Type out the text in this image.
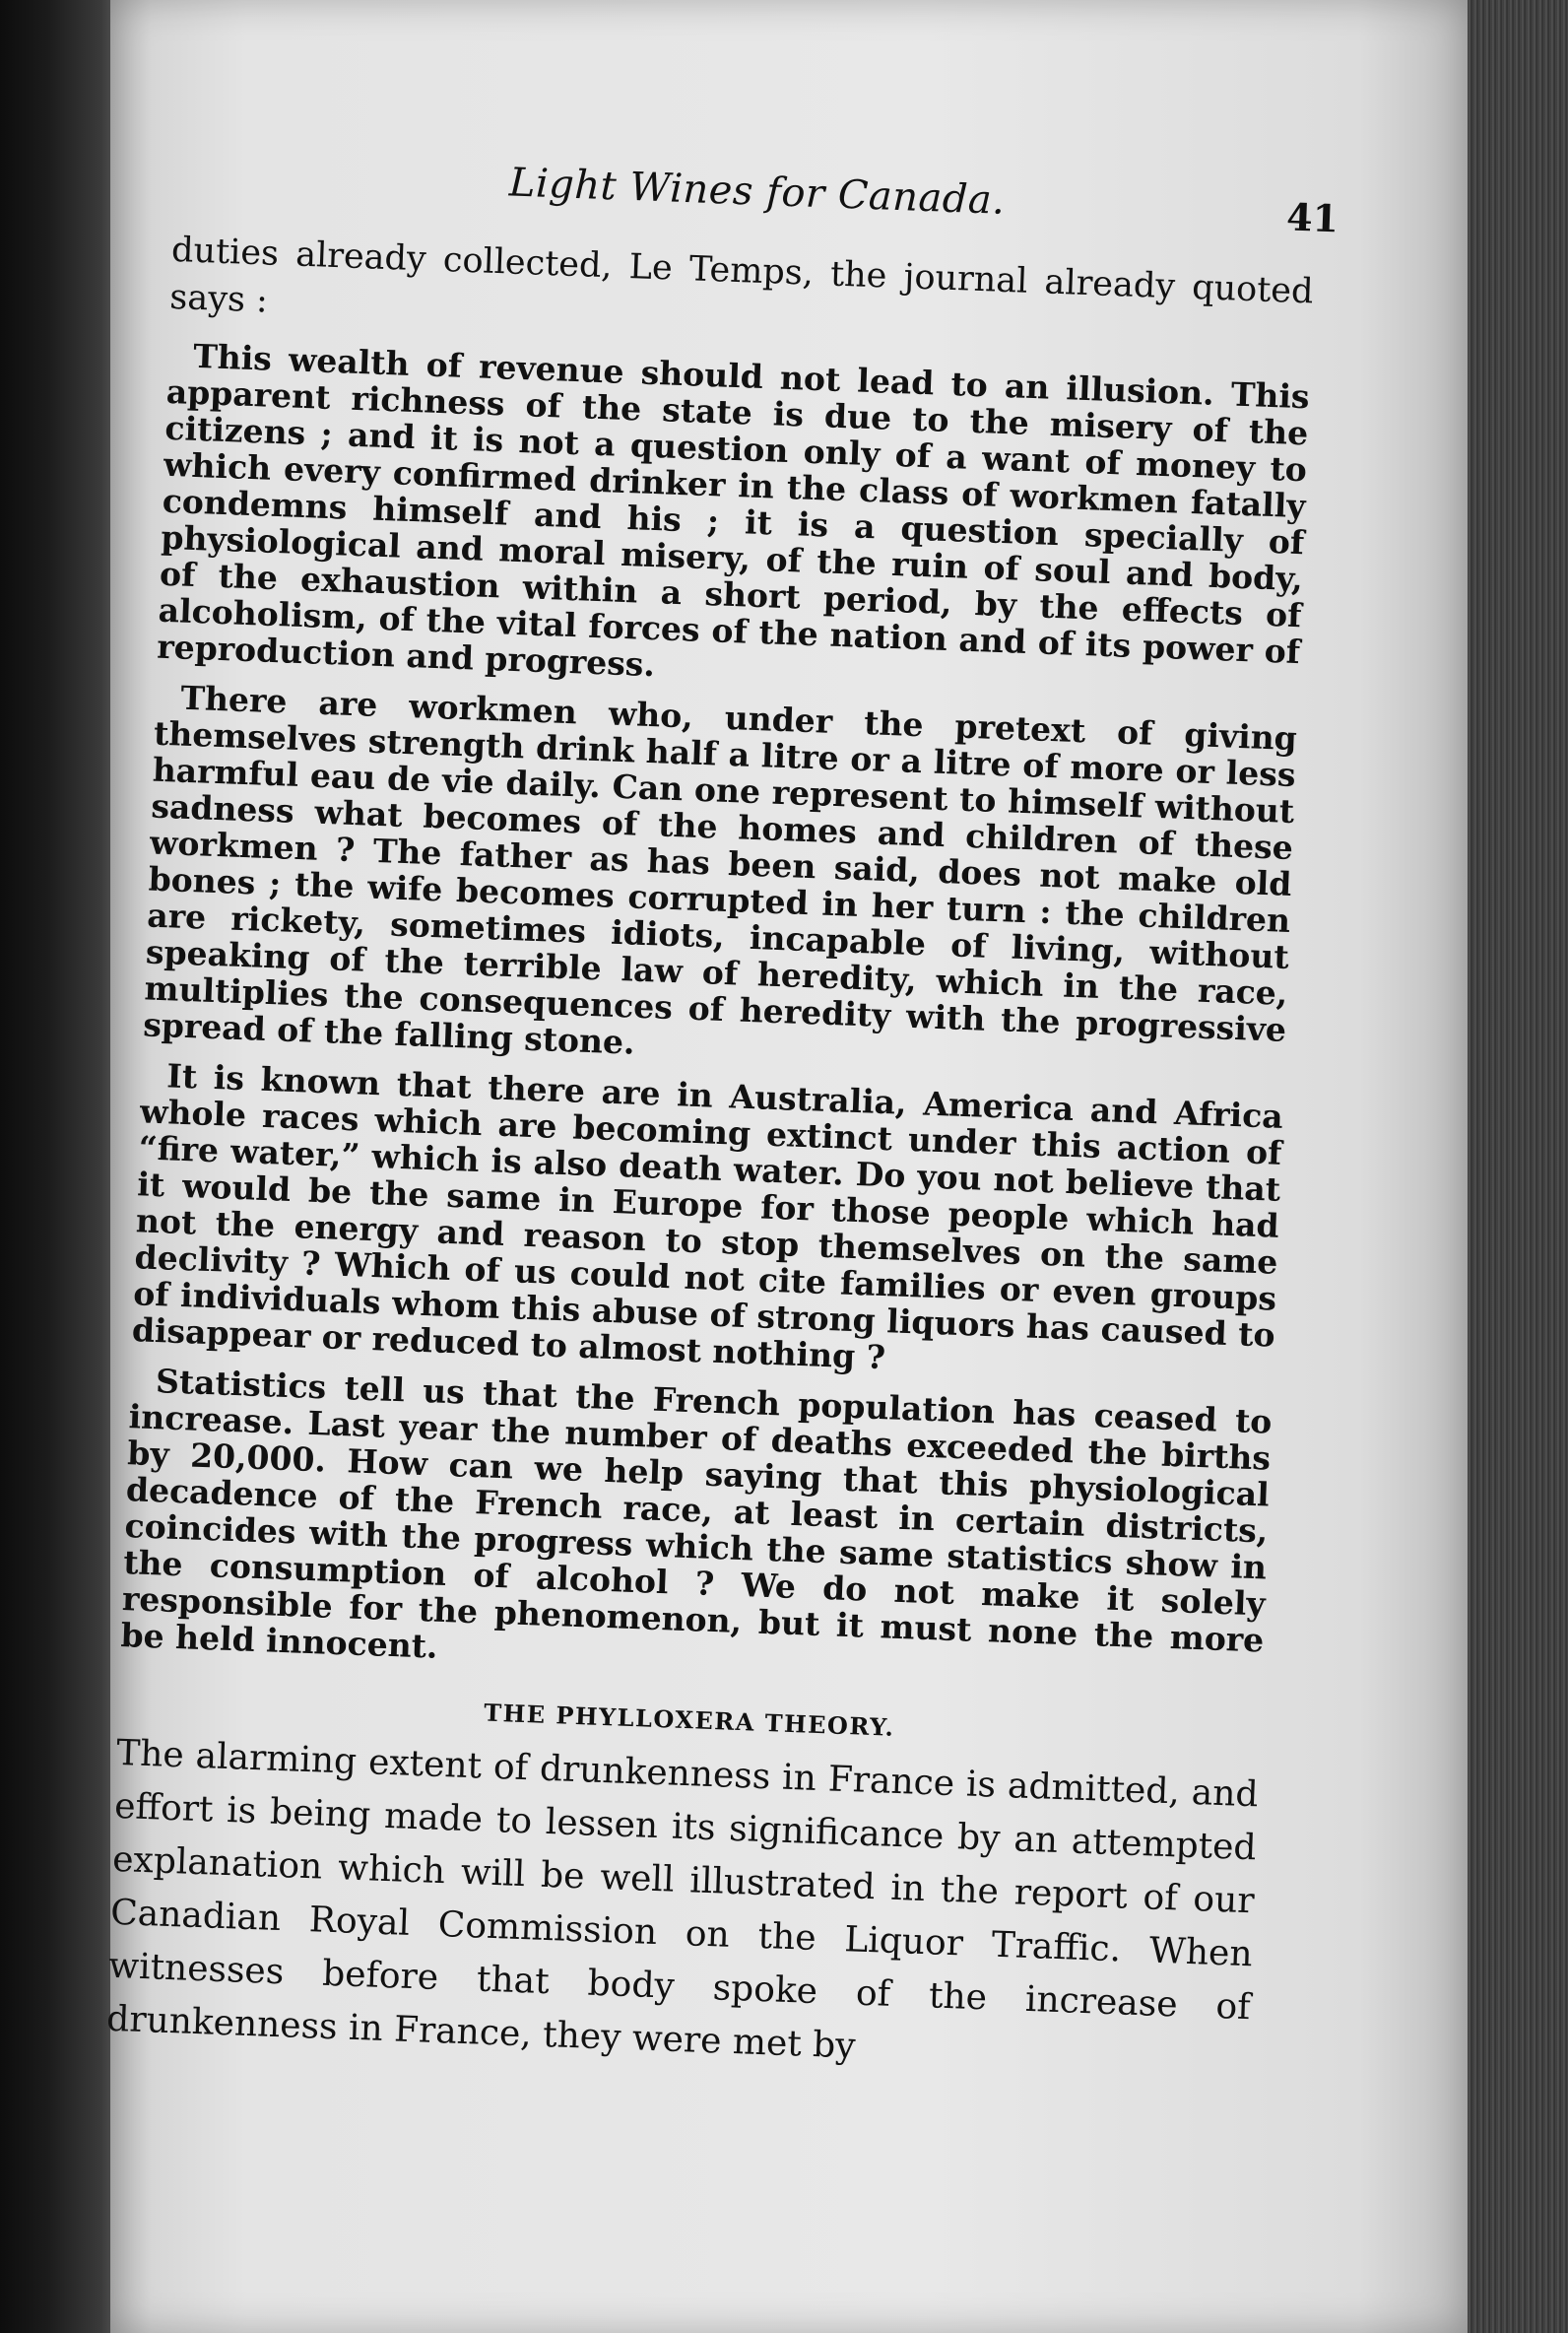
Light Wines for Canada.	41

duties already collected, Le Temps, the journal already quoted says :

This wealth of revenue should not lead to an illusion. This apparent richness of the state is due to the misery of the citizens ; and it is not a question only of a want of money to which every confirmed drinker in the class of workmen fatally condemns himself and his ; it is a question specially of physiological and moral misery, of the ruin of soul and body, of the exhaustion within a short period, by the effects of alcoholism, of the vital forces of the nation and of its power of reproduction and progress.

There are workmen who, under the pretext of giving themselves strength drink half a litre or a litre of more or less harmful eau de vie daily. Can one represent to himself without sadness what becomes of the homes and children of these workmen ? The father as has been said, does not make old bones ; the wife becomes corrupted in her turn : the children are rickety, sometimes idiots, incapable of living, without speaking of the terrible law of heredity, which in the race, multiplies the consequences of heredity with the progressive spread of the falling stone.

It is known that there are in Australia, America and Africa whole races which are becoming extinct under this action of “fire water,” which is also death water. Do you not believe that it would be the same in Europe for those people which had not the energy and reason to stop themselves on the same declivity ? Which of us could not cite families or even groups of individuals whom this abuse of strong liquors has caused to disappear or reduced to almost nothing ?

Statistics tell us that the French population has ceased to increase. Last year the number of deaths exceeded the births by 20,000. How can we help saying that this physiological decadence of the French race, at least in certain districts, coincides with the progress which the same statistics show in the consumption of alcohol ? We do not make it solely responsible for the phenomenon, but it must none the more be held innocent.

THE PHYLLOXERA THEORY.

The alarming extent of drunkenness in France is admitted, and effort is being made to lessen its significance by an attempted explanation which will be well illustrated in the report of our Canadian Royal Commission on the Liquor Traffic. When witnesses before that body spoke of the increase of drunkenness in France, they were met by
